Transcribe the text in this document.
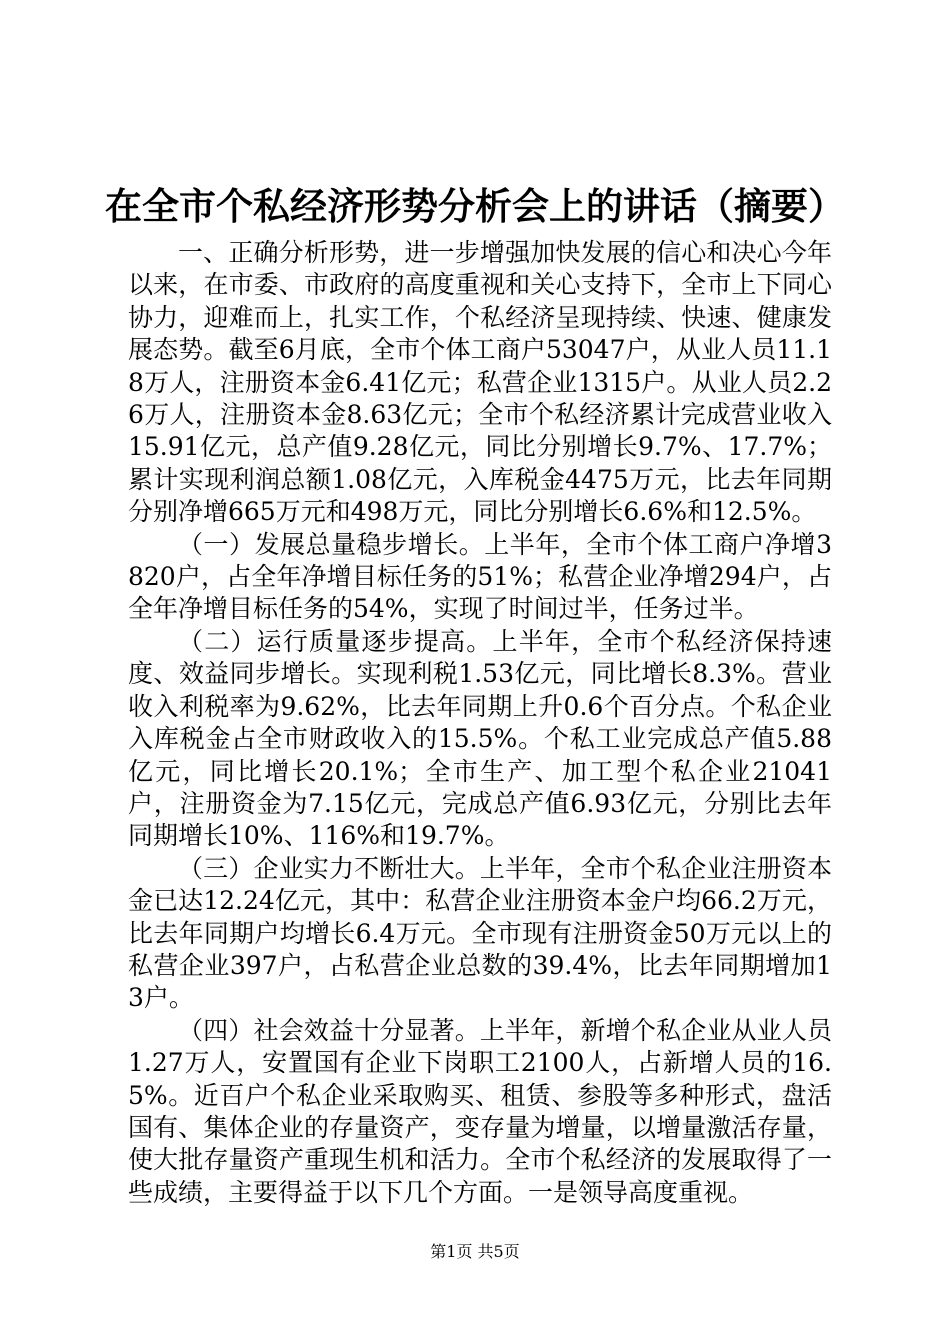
在全市个私经济形势分析会上的讲话（摘要）

一、正确分析形势，进一步增强加快发展的信心和决心今年以来，在市委、市政府的高度重视和关心支持下，全市上下同心协力，迎难而上，扎实工作，个私经济呈现持续、快速、健康发展态势。截至6月底，全市个体工商户53047户，从业人员11.18万人，注册资本金6.41亿元；私营企业1315户。从业人员2.26万人，注册资本金8.63亿元；全市个私经济累计完成营业收入15.91亿元，总产值9.28亿元，同比分别增长9.7%、17.7%；累计实现利润总额1.08亿元，入库税金4475万元，比去年同期分别净增665万元和498万元，同比分别增长6.6%和12.5%。

（一）发展总量稳步增长。上半年，全市个体工商户净增3820户，占全年净增目标任务的51%；私营企业净增294户，占全年净增目标任务的54%，实现了时间过半，任务过半。

（二）运行质量逐步提高。上半年，全市个私经济保持速度、效益同步增长。实现利税1.53亿元，同比增长8.3%。营业收入利税率为9.62%，比去年同期上升0.6个百分点。个私企业入库税金占全市财政收入的15.5%。个私工业完成总产值5.88亿元，同比增长20.1%；全市生产、加工型个私企业21041户，注册资金为7.15亿元，完成总产值6.93亿元，分别比去年同期增长10%、116%和19.7%。

（三）企业实力不断壮大。上半年，全市个私企业注册资本金已达12.24亿元，其中：私营企业注册资本金户均66.2万元，比去年同期户均增长6.4万元。全市现有注册资金50万元以上的私营企业397户，占私营企业总数的39.4%，比去年同期增加13户。

（四）社会效益十分显著。上半年，新增个私企业从业人员1.27万人，安置国有企业下岗职工2100人，占新增人员的16.5%。近百户个私企业采取购买、租赁、参股等多种形式，盘活国有、集体企业的存量资产，变存量为增量，以增量激活存量，使大批存量资产重现生机和活力。全市个私经济的发展取得了一些成绩，主要得益于以下几个方面。一是领导高度重视。

第1页 共5页
